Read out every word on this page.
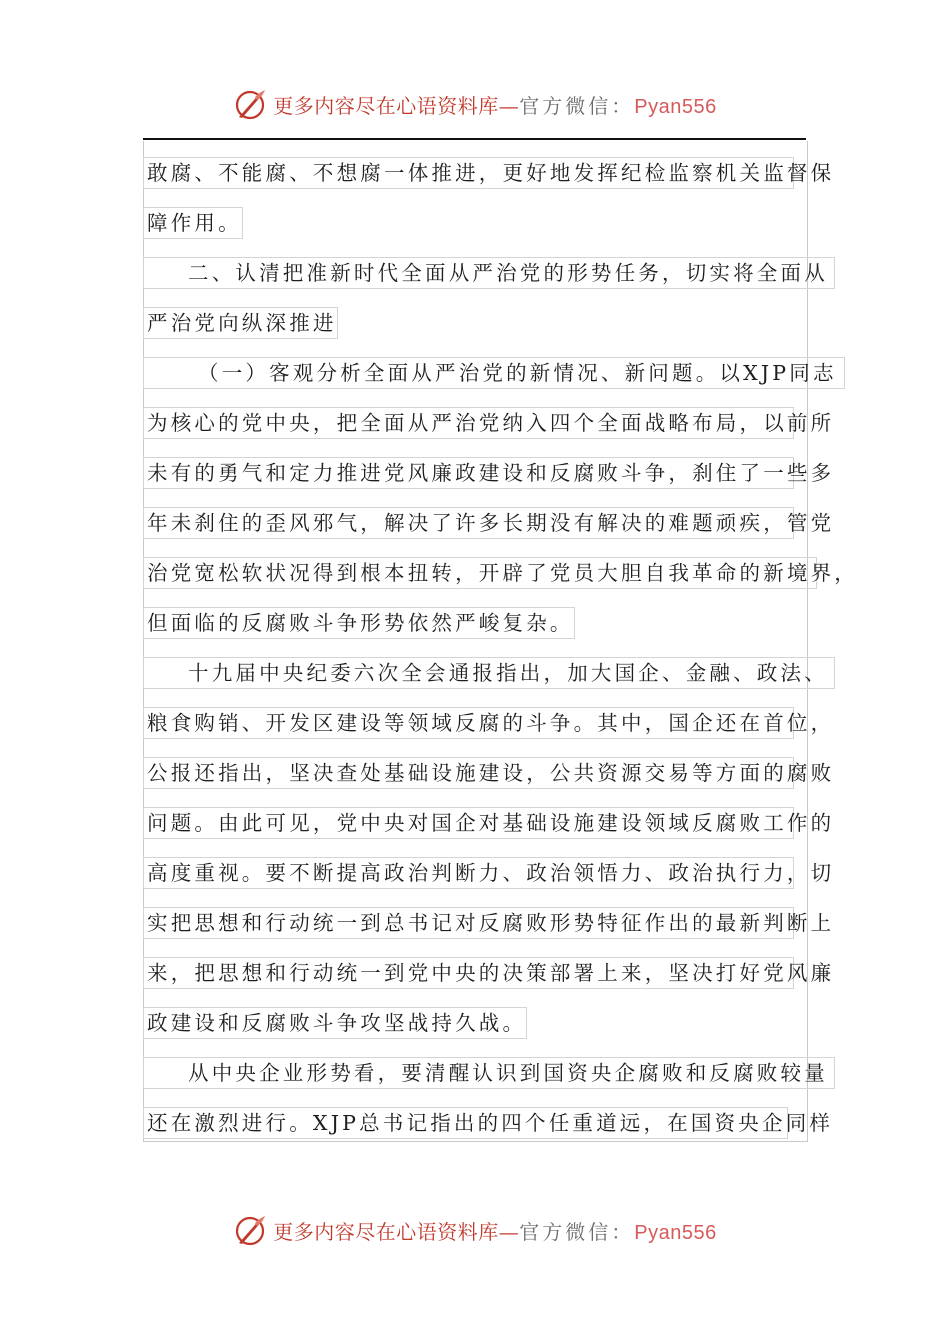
更多内容尽在心语资料库—官方微信：Pyan556
敢腐、不能腐、不想腐一体推进，更好地发挥纪检监察机关监督保
障作用。
二、认清把准新时代全面从严治党的形势任务，切实将全面从
严治党向纵深推进
（一）客观分析全面从严治党的新情况、新问题。以XJP同志
为核心的党中央，把全面从严治党纳入四个全面战略布局，以前所
未有的勇气和定力推进党风廉政建设和反腐败斗争，刹住了一些多
年未刹住的歪风邪气，解决了许多长期没有解决的难题顽疾，管党
治党宽松软状况得到根本扭转，开辟了党员大胆自我革命的新境界，
但面临的反腐败斗争形势依然严峻复杂。
十九届中央纪委六次全会通报指出，加大国企、金融、政法、
粮食购销、开发区建设等领域反腐的斗争。其中，国企还在首位，
公报还指出，坚决查处基础设施建设，公共资源交易等方面的腐败
问题。由此可见，党中央对国企对基础设施建设领域反腐败工作的
高度重视。要不断提高政治判断力、政治领悟力、政治执行力，切
实把思想和行动统一到总书记对反腐败形势特征作出的最新判断上
来，把思想和行动统一到党中央的决策部署上来，坚决打好党风廉
政建设和反腐败斗争攻坚战持久战。
从中央企业形势看，要清醒认识到国资央企腐败和反腐败较量
还在激烈进行。XJP总书记指出的四个任重道远，在国资央企同样
更多内容尽在心语资料库—官方微信：Pyan556
